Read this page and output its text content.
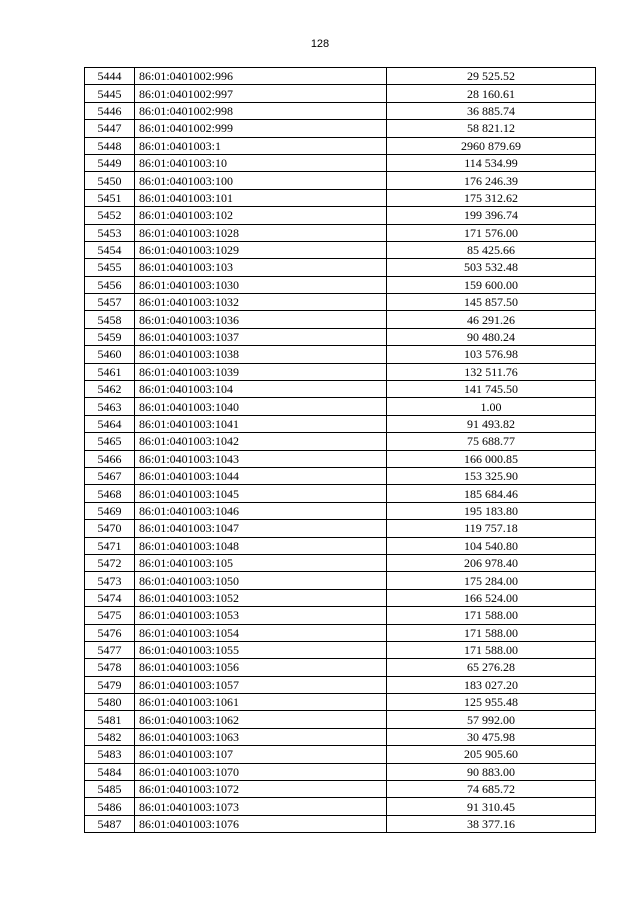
128
5444	86:01:0401002:996	29 525.52
5445	86:01:0401002:997	28 160.61
5446	86:01:0401002:998	36 885.74
5447	86:01:0401002:999	58 821.12
5448	86:01:0401003:1	2960 879.69
5449	86:01:0401003:10	114 534.99
5450	86:01:0401003:100	176 246.39
5451	86:01:0401003:101	175 312.62
5452	86:01:0401003:102	199 396.74
5453	86:01:0401003:1028	171 576.00
5454	86:01:0401003:1029	85 425.66
5455	86:01:0401003:103	503 532.48
5456	86:01:0401003:1030	159 600.00
5457	86:01:0401003:1032	145 857.50
5458	86:01:0401003:1036	46 291.26
5459	86:01:0401003:1037	90 480.24
5460	86:01:0401003:1038	103 576.98
5461	86:01:0401003:1039	132 511.76
5462	86:01:0401003:104	141 745.50
5463	86:01:0401003:1040	1.00
5464	86:01:0401003:1041	91 493.82
5465	86:01:0401003:1042	75 688.77
5466	86:01:0401003:1043	166 000.85
5467	86:01:0401003:1044	153 325.90
5468	86:01:0401003:1045	185 684.46
5469	86:01:0401003:1046	195 183.80
5470	86:01:0401003:1047	119 757.18
5471	86:01:0401003:1048	104 540.80
5472	86:01:0401003:105	206 978.40
5473	86:01:0401003:1050	175 284.00
5474	86:01:0401003:1052	166 524.00
5475	86:01:0401003:1053	171 588.00
5476	86:01:0401003:1054	171 588.00
5477	86:01:0401003:1055	171 588.00
5478	86:01:0401003:1056	65 276.28
5479	86:01:0401003:1057	183 027.20
5480	86:01:0401003:1061	125 955.48
5481	86:01:0401003:1062	57 992.00
5482	86:01:0401003:1063	30 475.98
5483	86:01:0401003:107	205 905.60
5484	86:01:0401003:1070	90 883.00
5485	86:01:0401003:1072	74 685.72
5486	86:01:0401003:1073	91 310.45
5487	86:01:0401003:1076	38 377.16
